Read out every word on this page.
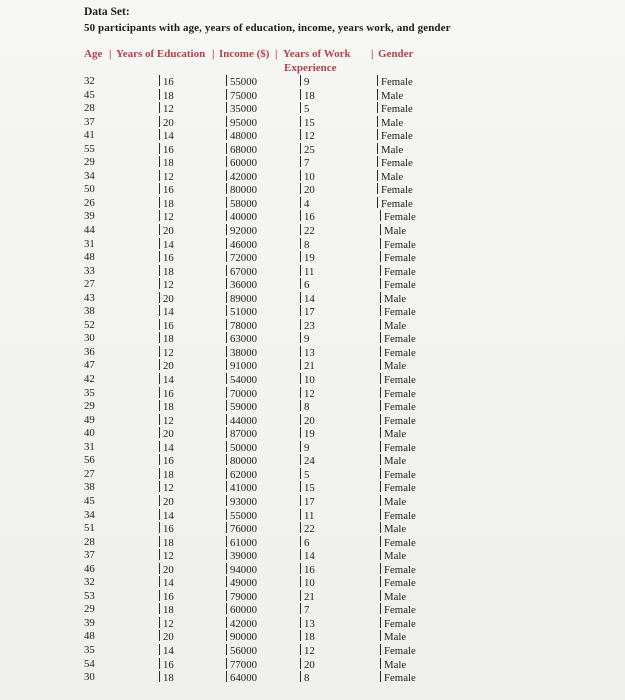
Data Set:
50 participants with age, years of education, income, years work, and gender
Age | Years of Education | Income ($) | Years of Work
Experience
| Gender
32
45
28
37
41
55
29
34
50
26
39
44
31
48
33
27
43
38
52
30
36
47
42
35
29
49
40
31
56
27
38
45
34
51
28
37
46
32
53
29
39
48
35
54
30
16
18
12
20
14
16
18
12
16
18
12
20
14
16
18
12
20
14
16
18
12
20
14
16
18
12
20
14
16
18
12
20
14
16
18
12
20
14
16
18
12
20
14
16
18
55000
75000
35000
95000
48000
68000
60000
42000
80000
58000
40000
92000
46000
72000
67000
36000
89000
51000
78000
63000
38000
91000
54000
70000
59000
44000
87000
50000
80000
62000
41000
93000
55000
76000
61000
39000
94000
49000
79000
60000
42000
90000
56000
77000
64000
9
18
5
15
12
25
7
10
20
4
16
22
8
19
11
6
14
17
23
9
13
21
10
12
8
20
19
9
24
5
15
17
11
22
6
14
16
10
21
7
13
18
12
20
8
Female
Male
Female
Male
Female
Male
Female
Male
Female
Female
Female
Male
Female
Female
Female
Female
Male
Female
Male
Female
Female
Male
Female
Female
Female
Female
Male
Female
Male
Female
Female
Male
Female
Male
Female
Male
Female
Female
Male
Female
Female
Male
Female
Male
Female
